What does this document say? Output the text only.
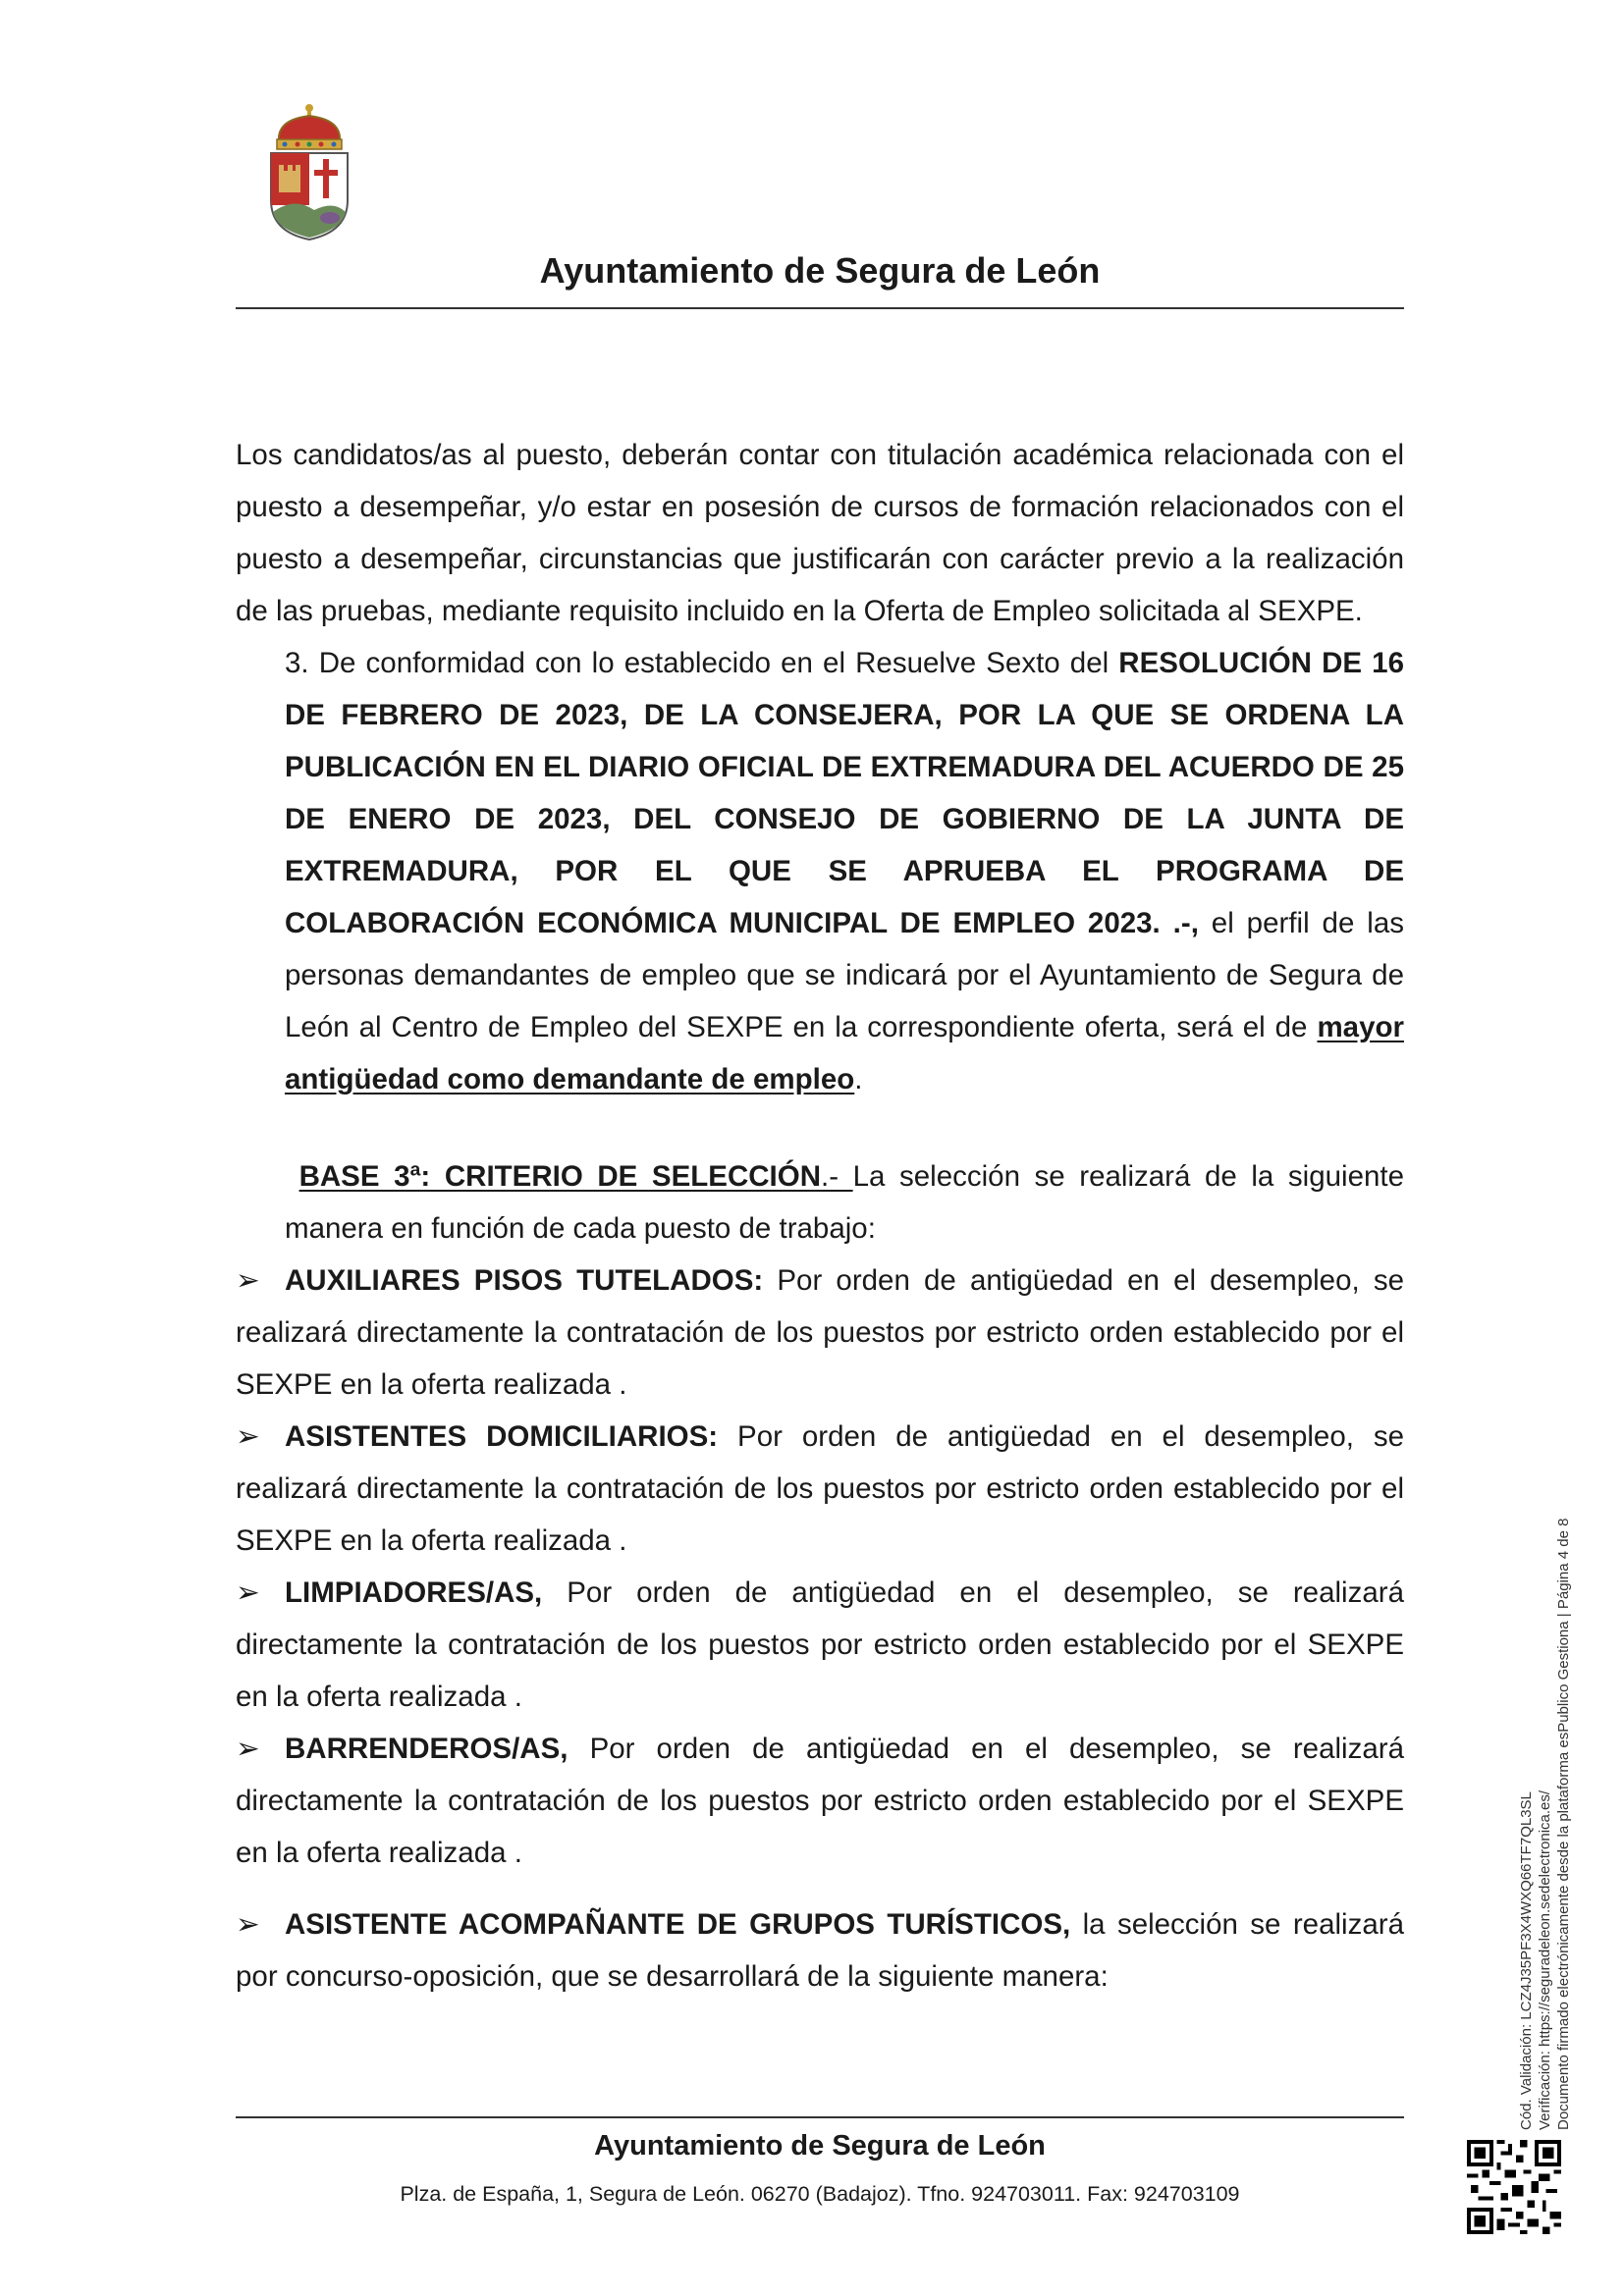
Ayuntamiento de Segura de León

Los candidatos/as al puesto, deberán contar con titulación académica relacionada con el puesto a desempeñar, y/o estar en posesión de cursos de formación relacionados con el puesto a desempeñar, circunstancias que justificarán con carácter previo a la realización de las pruebas, mediante requisito incluido en la Oferta de Empleo solicitada al SEXPE.

3. De conformidad con lo establecido en el Resuelve Sexto del RESOLUCIÓN DE 16 DE FEBRERO DE 2023, DE LA CONSEJERA, POR LA QUE SE ORDENA LA PUBLICACIÓN EN EL DIARIO OFICIAL DE EXTREMADURA DEL ACUERDO DE 25 DE ENERO DE 2023, DEL CONSEJO DE GOBIERNO DE LA JUNTA DE EXTREMADURA, POR EL QUE SE APRUEBA EL PROGRAMA DE COLABORACIÓN ECONÓMICA MUNICIPAL DE EMPLEO 2023. .-, el perfil de las personas demandantes de empleo que se indicará por el Ayuntamiento de Segura de León al Centro de Empleo del SEXPE en la correspondiente oferta, será el de mayor antigüedad como demandante de empleo.

BASE 3ª: CRITERIO DE SELECCIÓN.- La selección se realizará de la siguiente manera en función de cada puesto de trabajo:

➢ AUXILIARES PISOS TUTELADOS: Por orden de antigüedad en el desempleo, se realizará directamente la contratación de los puestos por estricto orden establecido por el SEXPE en la oferta realizada .

➢ ASISTENTES DOMICILIARIOS: Por orden de antigüedad en el desempleo, se realizará directamente la contratación de los puestos por estricto orden establecido por el SEXPE en la oferta realizada .

➢ LIMPIADORES/AS, Por orden de antigüedad en el desempleo, se realizará directamente la contratación de los puestos por estricto orden establecido por el SEXPE en la oferta realizada .

➢ BARRENDEROS/AS, Por orden de antigüedad en el desempleo, se realizará directamente la contratación de los puestos por estricto orden establecido por el SEXPE en la oferta realizada .

➢ ASISTENTE ACOMPAÑANTE DE GRUPOS TURÍSTICOS, la selección se realizará por concurso-oposición, que se desarrollará de la siguiente manera:

Ayuntamiento de Segura de León
Plza. de España, 1, Segura de León. 06270 (Badajoz). Tfno. 924703011. Fax: 924703109
Cód. Validación: LCZ4J35PF3X4WXQ66TF7QL3SL Verificación: https://seguradeleon.sedelectronica.es/ Documento firmado electrónicamente desde la plataforma esPublico Gestiona | Página 4 de 8
